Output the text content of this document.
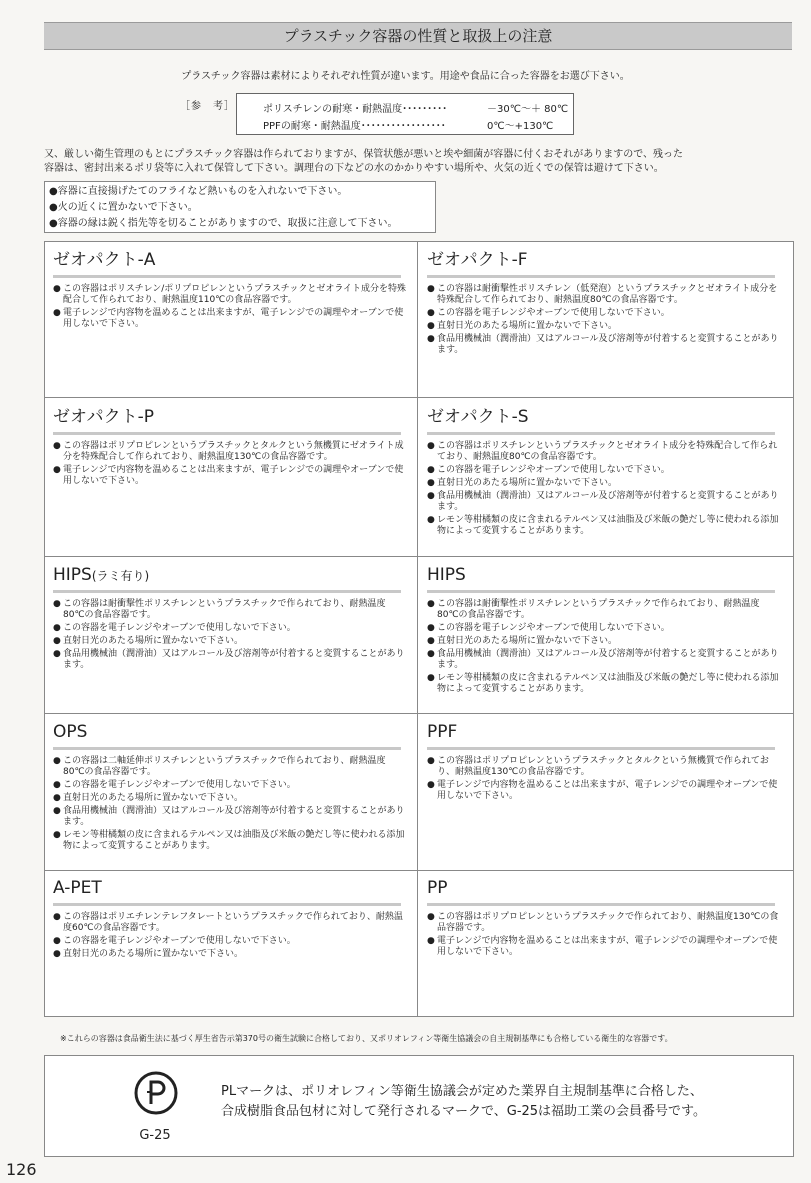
プラスチック容器の性質と取扱上の注意
プラスチック容器は素材によりそれぞれ性質が違います。用途や食品に合った容器をお選び下さい。
［参　考］	ポリスチレンの耐寒・耐熱温度･････････	－30℃～＋ 80℃
PPFの耐寒・耐熱温度･････････････････	0℃～+130℃
又、厳しい衛生管理のもとにプラスチック容器は作られておりますが、保管状態が悪いと埃や細菌が容器に付くおそれがありますので、残った
容器は、密封出来るポリ袋等に入れて保管して下さい。調理台の下などの水のかかりやすい場所や、火気の近くでの保管は避けて下さい。
●容器に直接揚げたてのフライなど熱いものを入れないで下さい。
●火の近くに置かないで下さい。
●容器の縁は鋭く指先等を切ることがありますので、取扱に注意して下さい。
ゼオパクト-A
● この容器はポリスチレン/ポリプロピレンというプラスチックとゼオライト成分を特殊配合して作られており、耐熱温度110℃の食品容器です。
● 電子レンジで内容物を温めることは出来ますが、電子レンジでの調理やオーブンで使用しないで下さい。
ゼオパクト-F
● この容器は耐衝撃性ポリスチレン（低発泡）というプラスチックとゼオライト成分を特殊配合して作られており、耐熱温度80℃の食品容器です。
● この容器を電子レンジやオーブンで使用しないで下さい。
● 直射日光のあたる場所に置かないで下さい。
● 食品用機械油（潤滑油）又はアルコール及び溶剤等が付着すると変質することがあります。
ゼオパクト-P
● この容器はポリプロピレンというプラスチックとタルクという無機質にゼオライト成分を特殊配合して作られており、耐熱温度130℃の食品容器です。
● 電子レンジで内容物を温めることは出来ますが、電子レンジでの調理やオーブンで使用しないで下さい。
ゼオパクト-S
● この容器はポリスチレンというプラスチックとゼオライト成分を特殊配合して作られており、耐熱温度80℃の食品容器です。
● この容器を電子レンジやオーブンで使用しないで下さい。
● 直射日光のあたる場所に置かないで下さい。
● 食品用機械油（潤滑油）又はアルコール及び溶剤等が付着すると変質することがあります。
● レモン等柑橘類の皮に含まれるテルペン又は油脂及び米飯の艶だし等に使われる添加物によって変質することがあります。
HIPS(ラミ有り)
● この容器は耐衝撃性ポリスチレンというプラスチックで作られており、耐熱温度80℃の食品容器です。
● この容器を電子レンジやオーブンで使用しないで下さい。
● 直射日光のあたる場所に置かないで下さい。
● 食品用機械油（潤滑油）又はアルコール及び溶剤等が付着すると変質することがあります。
HIPS
● この容器は耐衝撃性ポリスチレンというプラスチックで作られており、耐熱温度80℃の食品容器です。
● この容器を電子レンジやオーブンで使用しないで下さい。
● 直射日光のあたる場所に置かないで下さい。
● 食品用機械油（潤滑油）又はアルコール及び溶剤等が付着すると変質することがあります。
● レモン等柑橘類の皮に含まれるテルペン又は油脂及び米飯の艶だし等に使われる添加物によって変質することがあります。
OPS
● この容器は二軸延伸ポリスチレンというプラスチックで作られており、耐熱温度80℃の食品容器です。
● この容器を電子レンジやオーブンで使用しないで下さい。
● 直射日光のあたる場所に置かないで下さい。
● 食品用機械油（潤滑油）又はアルコール及び溶剤等が付着すると変質することがあります。
● レモン等柑橘類の皮に含まれるテルペン又は油脂及び米飯の艶だし等に使われる添加物によって変質することがあります。
PPF
● この容器はポリプロピレンというプラスチックとタルクという無機質で作られており、耐熱温度130℃の食品容器です。
● 電子レンジで内容物を温めることは出来ますが、電子レンジでの調理やオーブンで使用しないで下さい。
A-PET
● この容器はポリエチレンテレフタレートというプラスチックで作られており、耐熱温度60℃の食品容器です。
● この容器を電子レンジやオーブンで使用しないで下さい。
● 直射日光のあたる場所に置かないで下さい。
PP
● この容器はポリプロピレンというプラスチックで作られており、耐熱温度130℃の食品容器です。
● 電子レンジで内容物を温めることは出来ますが、電子レンジでの調理やオーブンで使用しないで下さい。
※これらの容器は食品衛生法に基づく厚生省告示第370号の衛生試験に合格しており、又ポリオレフィン等衛生協議会の自主規制基準にも合格している衛生的な容器です。
G-25
PLマークは、ポリオレフィン等衛生協議会が定めた業界自主規制基準に合格した、
合成樹脂食品包材に対して発行されるマークで、G-25は福助工業の会員番号です。
126
